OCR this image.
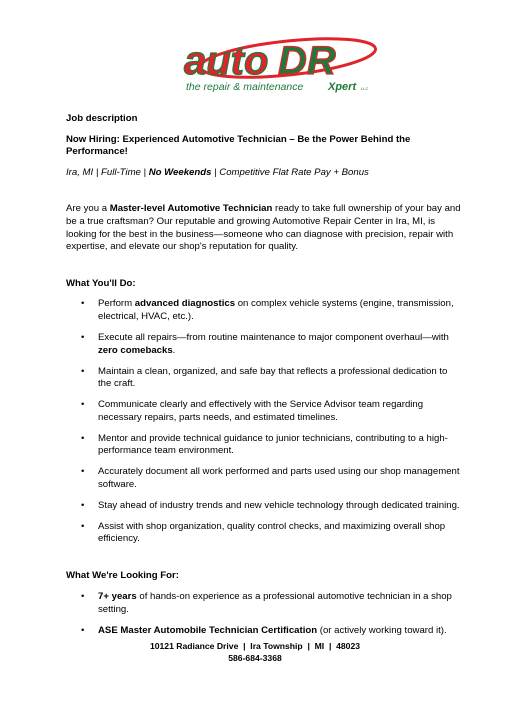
auto DR
Xpert
the repair & maintenance	LLC

Job description

Now Hiring: Experienced Automotive Technician – Be the Power Behind the Performance!

Ira, MI | Full-Time | No Weekends | Competitive Flat Rate Pay + Bonus

Are you a Master-level Automotive Technician ready to take full ownership of your bay and be a true craftsman? Our reputable and growing Automotive Repair Center in Ira, MI, is looking for the best in the business—someone who can diagnose with precision, repair with expertise, and elevate our shop's reputation for quality.

What You'll Do:

• Perform advanced diagnostics on complex vehicle systems (engine, transmission, electrical, HVAC, etc.).
• Execute all repairs—from routine maintenance to major component overhaul—with zero comebacks.
• Maintain a clean, organized, and safe bay that reflects a professional dedication to the craft.
• Communicate clearly and effectively with the Service Advisor team regarding necessary repairs, parts needs, and estimated timelines.
• Mentor and provide technical guidance to junior technicians, contributing to a high-performance team environment.
• Accurately document all work performed and parts used using our shop management software.
• Stay ahead of industry trends and new vehicle technology through dedicated training.
• Assist with shop organization, quality control checks, and maximizing overall shop efficiency.

What We're Looking For:

• 7+ years of hands-on experience as a professional automotive technician in a shop setting.
• ASE Master Automobile Technician Certification (or actively working toward it).
10121 Radiance Drive  |  Ira Township  |  MI  |  48023
586-684-3368
